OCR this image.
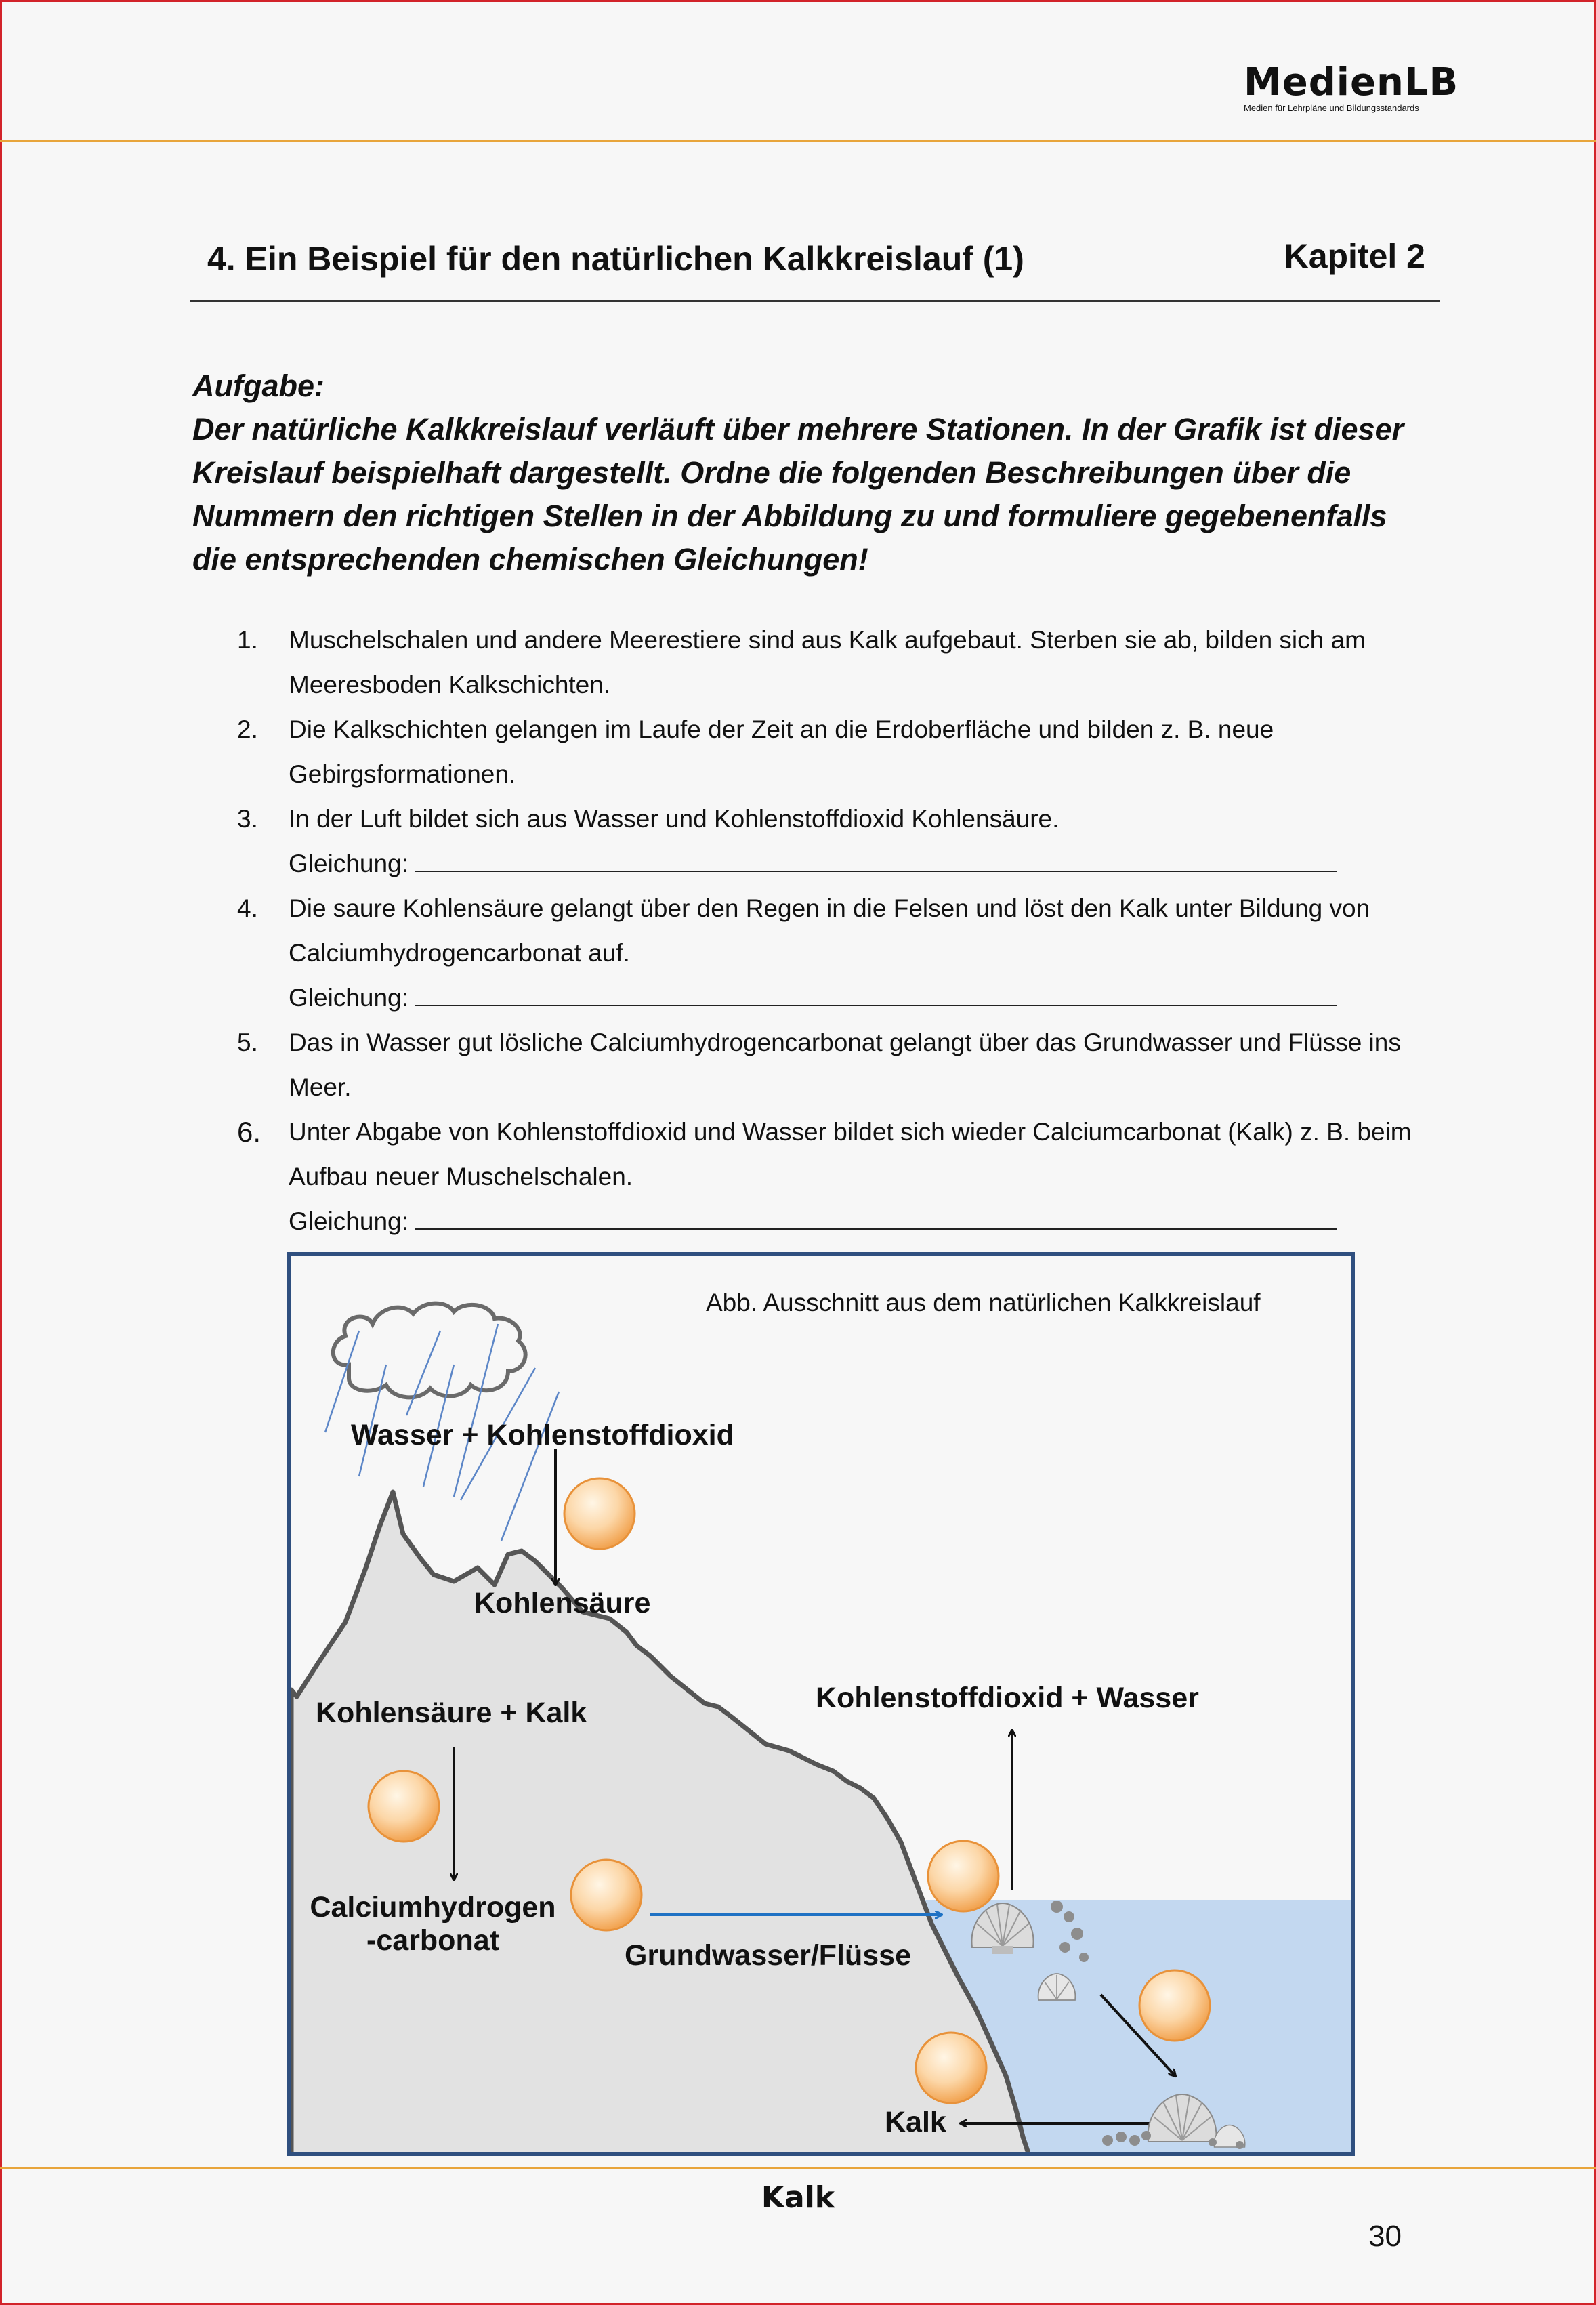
MedienLB
Medien für Lehrpläne und Bildungsstandards
4. Ein Beispiel für den natürlichen Kalkkreislauf (1)	Kapitel 2
Aufgabe:
Der natürliche Kalkkreislauf verläuft über mehrere Stationen. In der Grafik ist dieser Kreislauf beispielhaft dargestellt. Ordne die folgenden Beschreibungen über die Nummern den richtigen Stellen in der Abbildung zu und formuliere gegebenenfalls die entsprechenden chemischen Gleichungen!
1. Muschelschalen und andere Meerestiere sind aus Kalk aufgebaut. Sterben sie ab, bilden sich am Meeresboden Kalkschichten.
2. Die Kalkschichten gelangen im Laufe der Zeit an die Erdoberfläche und bilden z. B. neue Gebirgsformationen.
3. In der Luft bildet sich aus Wasser und Kohlenstoffdioxid Kohlensäure.
Gleichung:
4. Die saure Kohlensäure gelangt über den Regen in die Felsen und löst den Kalk unter Bildung von Calciumhydrogencarbonat auf.
Gleichung:
5. Das in Wasser gut lösliche Calciumhydrogencarbonat gelangt über das Grundwasser und Flüsse ins Meer.
6. Unter Abgabe von Kohlenstoffdioxid und Wasser bildet sich wieder Calciumcarbonat (Kalk) z. B. beim Aufbau neuer Muschelschalen.
Gleichung:
Abb. Ausschnitt aus dem natürlichen Kalkkreislauf
Wasser + Kohlenstoffdioxid
Kohlensäure
Kohlensäure + Kalk
Calciumhydrogen
-carbonat	Grundwasser/Flüsse
Kohlenstoffdioxid + Wasser
Kalk
Kalk
30
